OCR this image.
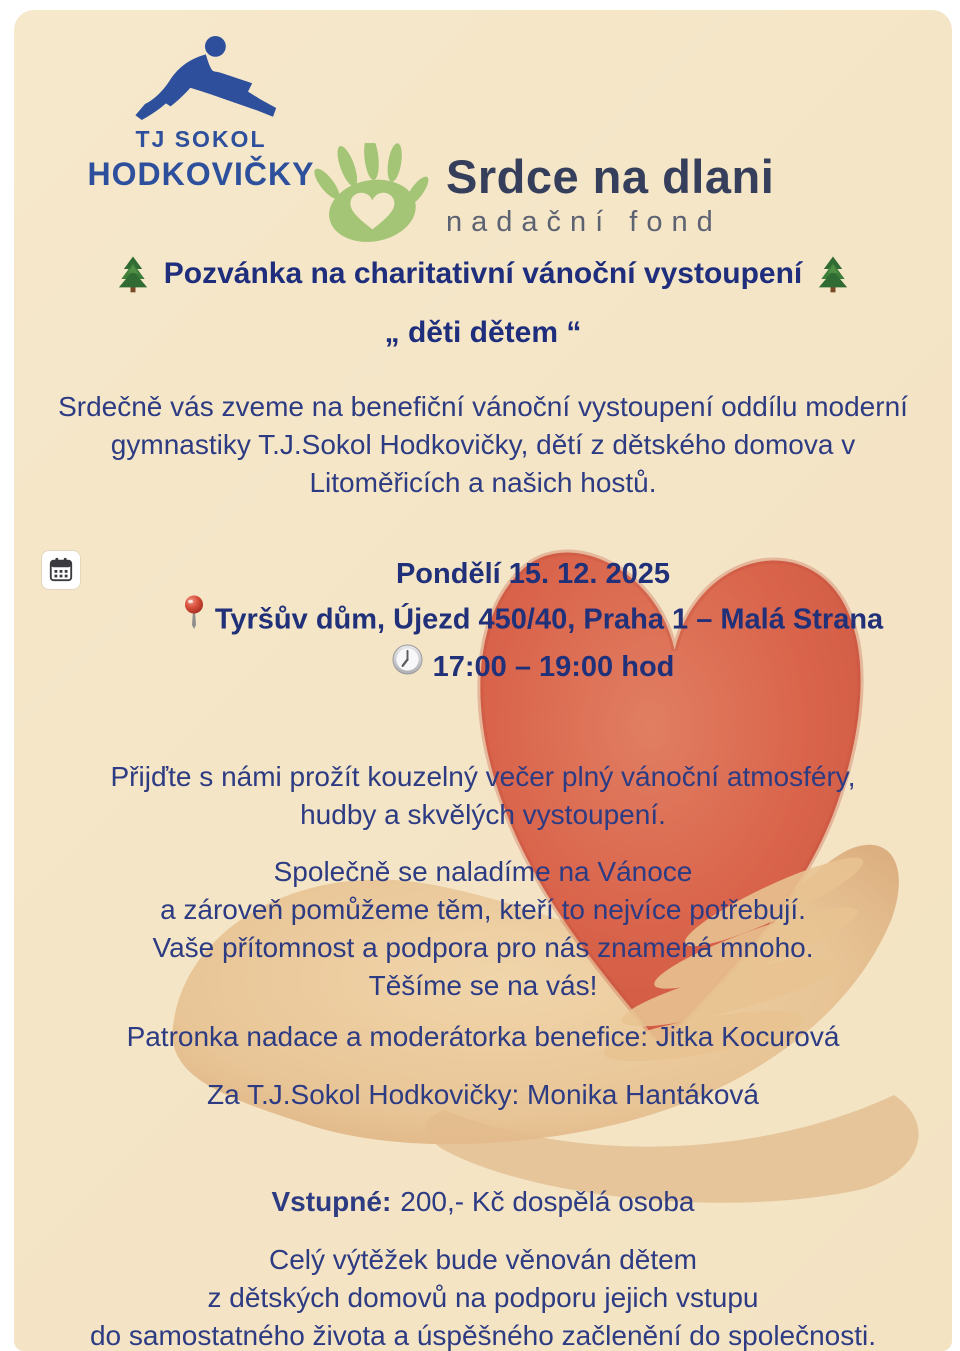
TJ SOKOL
HODKOVIČKY	Srdce na dlani
nadační fond
Pozvánka na charitativní vánoční vystoupení
„ děti dětem “
Srdečně vás zveme na benefiční vánoční vystoupení oddílu moderní
gymnastiky T.J.Sokol Hodkovičky, dětí z dětského domova v
Litoměřicích a našich hostů.
Pondělí 15. 12. 2025
Tyršův dům, Újezd 450/40, Praha 1 – Malá Strana
17:00 – 19:00 hod
Přijďte s námi prožít kouzelný večer plný vánoční atmosféry,
hudby a skvělých vystoupení.
Společně se naladíme na Vánoce
a zároveň pomůžeme těm, kteří to nejvíce potřebují.
Vaše přítomnost a podpora pro nás znamená mnoho.
Těšíme se na vás!
Patronka nadace a moderátorka benefice: Jitka Kocurová
Za T.J.Sokol Hodkovičky: Monika Hantáková
Vstupné: 200,- Kč dospělá osoba
Celý výtěžek bude věnován dětem
z dětských domovů na podporu jejich vstupu
do samostatného života a úspěšného začlenění do společnosti.
